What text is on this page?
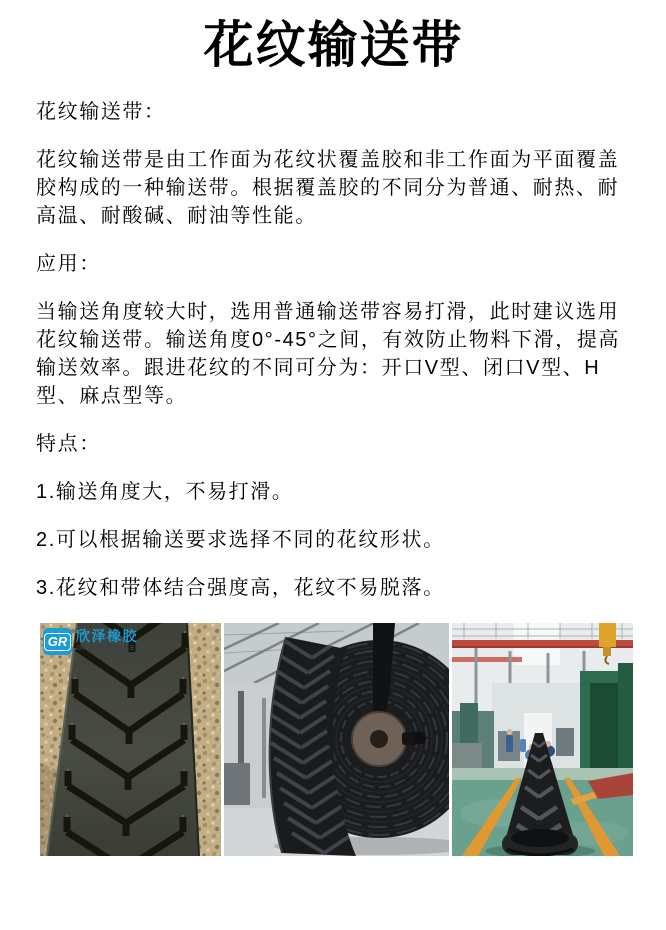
花纹输送带

花纹输送带：

花纹输送带是由工作面为花纹状覆盖胶和非工作面为平面覆盖胶构成的一种输送带。根据覆盖胶的不同分为普通、耐热、耐高温、耐酸碱、耐油等性能。

应用：

当输送角度较大时，选用普通输送带容易打滑，此时建议选用花纹输送带。输送角度0°-45°之间，有效防止物料下滑，提高输送效率。跟进花纹的不同可分为：开口V型、闭口V型、H型、麻点型等。

特点：

1.输送角度大，不易打滑。

2.可以根据输送要求选择不同的花纹形状。

3.花纹和带体结合强度高，花纹不易脱落。

GR 欣泽橡胶
GRAND RUBBER
